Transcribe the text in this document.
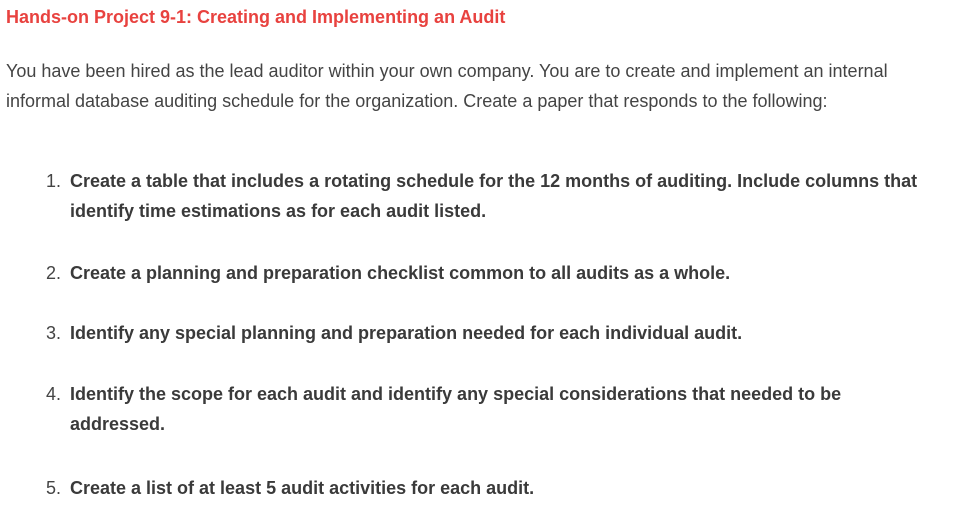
Hands-on Project 9-1: Creating and Implementing an Audit

You have been hired as the lead auditor within your own company. You are to create and implement an internal informal database auditing schedule for the organization. Create a paper that responds to the following:

1. Create a table that includes a rotating schedule for the 12 months of auditing. Include columns that identify time estimations as for each audit listed.
2. Create a planning and preparation checklist common to all audits as a whole.
3. Identify any special planning and preparation needed for each individual audit.
4. Identify the scope for each audit and identify any special considerations that needed to be addressed.
5. Create a list of at least 5 audit activities for each audit.
